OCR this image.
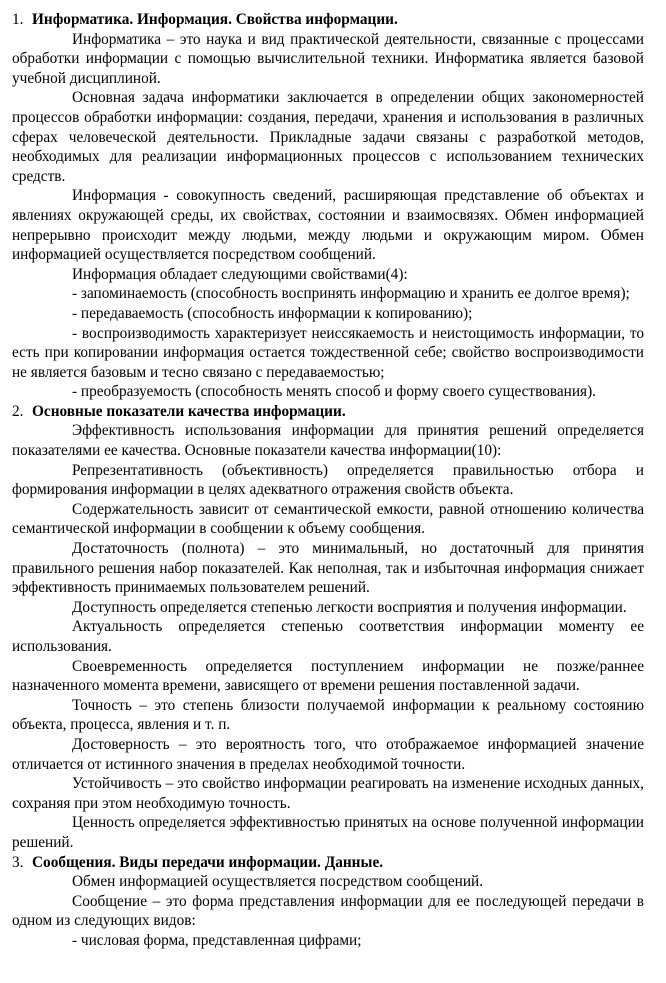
1. Информатика. Информация. Свойства информации.

Информатика – это наука и вид практической деятельности, связанные с процессами обработки информации с помощью вычислительной техники. Информатика является базовой учебной дисциплиной.

Основная задача информатики заключается в определении общих закономерностей процессов обработки информации: создания, передачи, хранения и использования в различных сферах человеческой деятельности. Прикладные задачи связаны с разработкой методов, необходимых для реализации информационных процессов с использованием технических средств.

Информация - совокупность сведений, расширяющая представление об объектах и явлениях окружающей среды, их свойствах, состоянии и взаимосвязях. Обмен информацией непрерывно происходит между людьми, между людьми и окружающим миром. Обмен информацией осуществляется посредством сообщений.

Информация обладает следующими свойствами(4):

- запоминаемость (способность воспринять информацию и хранить ее долгое время);

- передаваемость (способность информации к копированию);

- воспроизводимость характеризует неиссякаемость и неистощимость информации, то есть при копировании информация остается тождественной себе; свойство воспроизводимости не является базовым и тесно связано с передаваемостью;

- преобразуемость (способность менять способ и форму своего существования).

2. Основные показатели качества информации.

Эффективность использования информации для принятия решений определяется показателями ее качества. Основные показатели качества информации(10):

Репрезентативность (объективность) определяется правильностью отбора и формирования информации в целях адекватного отражения свойств объекта.

Содержательность зависит от семантической емкости, равной отношению количества семантической информации в сообщении к объему сообщения.

Достаточность (полнота) – это минимальный, но достаточный для принятия правильного решения набор показателей. Как неполная, так и избыточная информация снижает эффективность принимаемых пользователем решений.

Доступность определяется степенью легкости восприятия и получения информации.

Актуальность определяется степенью соответствия информации моменту ее использования.

Своевременность определяется поступлением информации не позже/раннее назначенного момента времени, зависящего от времени решения поставленной задачи.

Точность – это степень близости получаемой информации к реальному состоянию объекта, процесса, явления и т. п.

Достоверность – это вероятность того, что отображаемое информацией значение отличается от истинного значения в пределах необходимой точности.

Устойчивость – это свойство информации реагировать на изменение исходных данных, сохраняя при этом необходимую точность.

Ценность определяется эффективностью принятых на основе полученной информации решений.

3. Сообщения. Виды передачи информации. Данные.

Обмен информацией осуществляется посредством сообщений.

Сообщение – это форма представления информации для ее последующей передачи в одном из следующих видов:

- числовая форма, представленная цифрами;
